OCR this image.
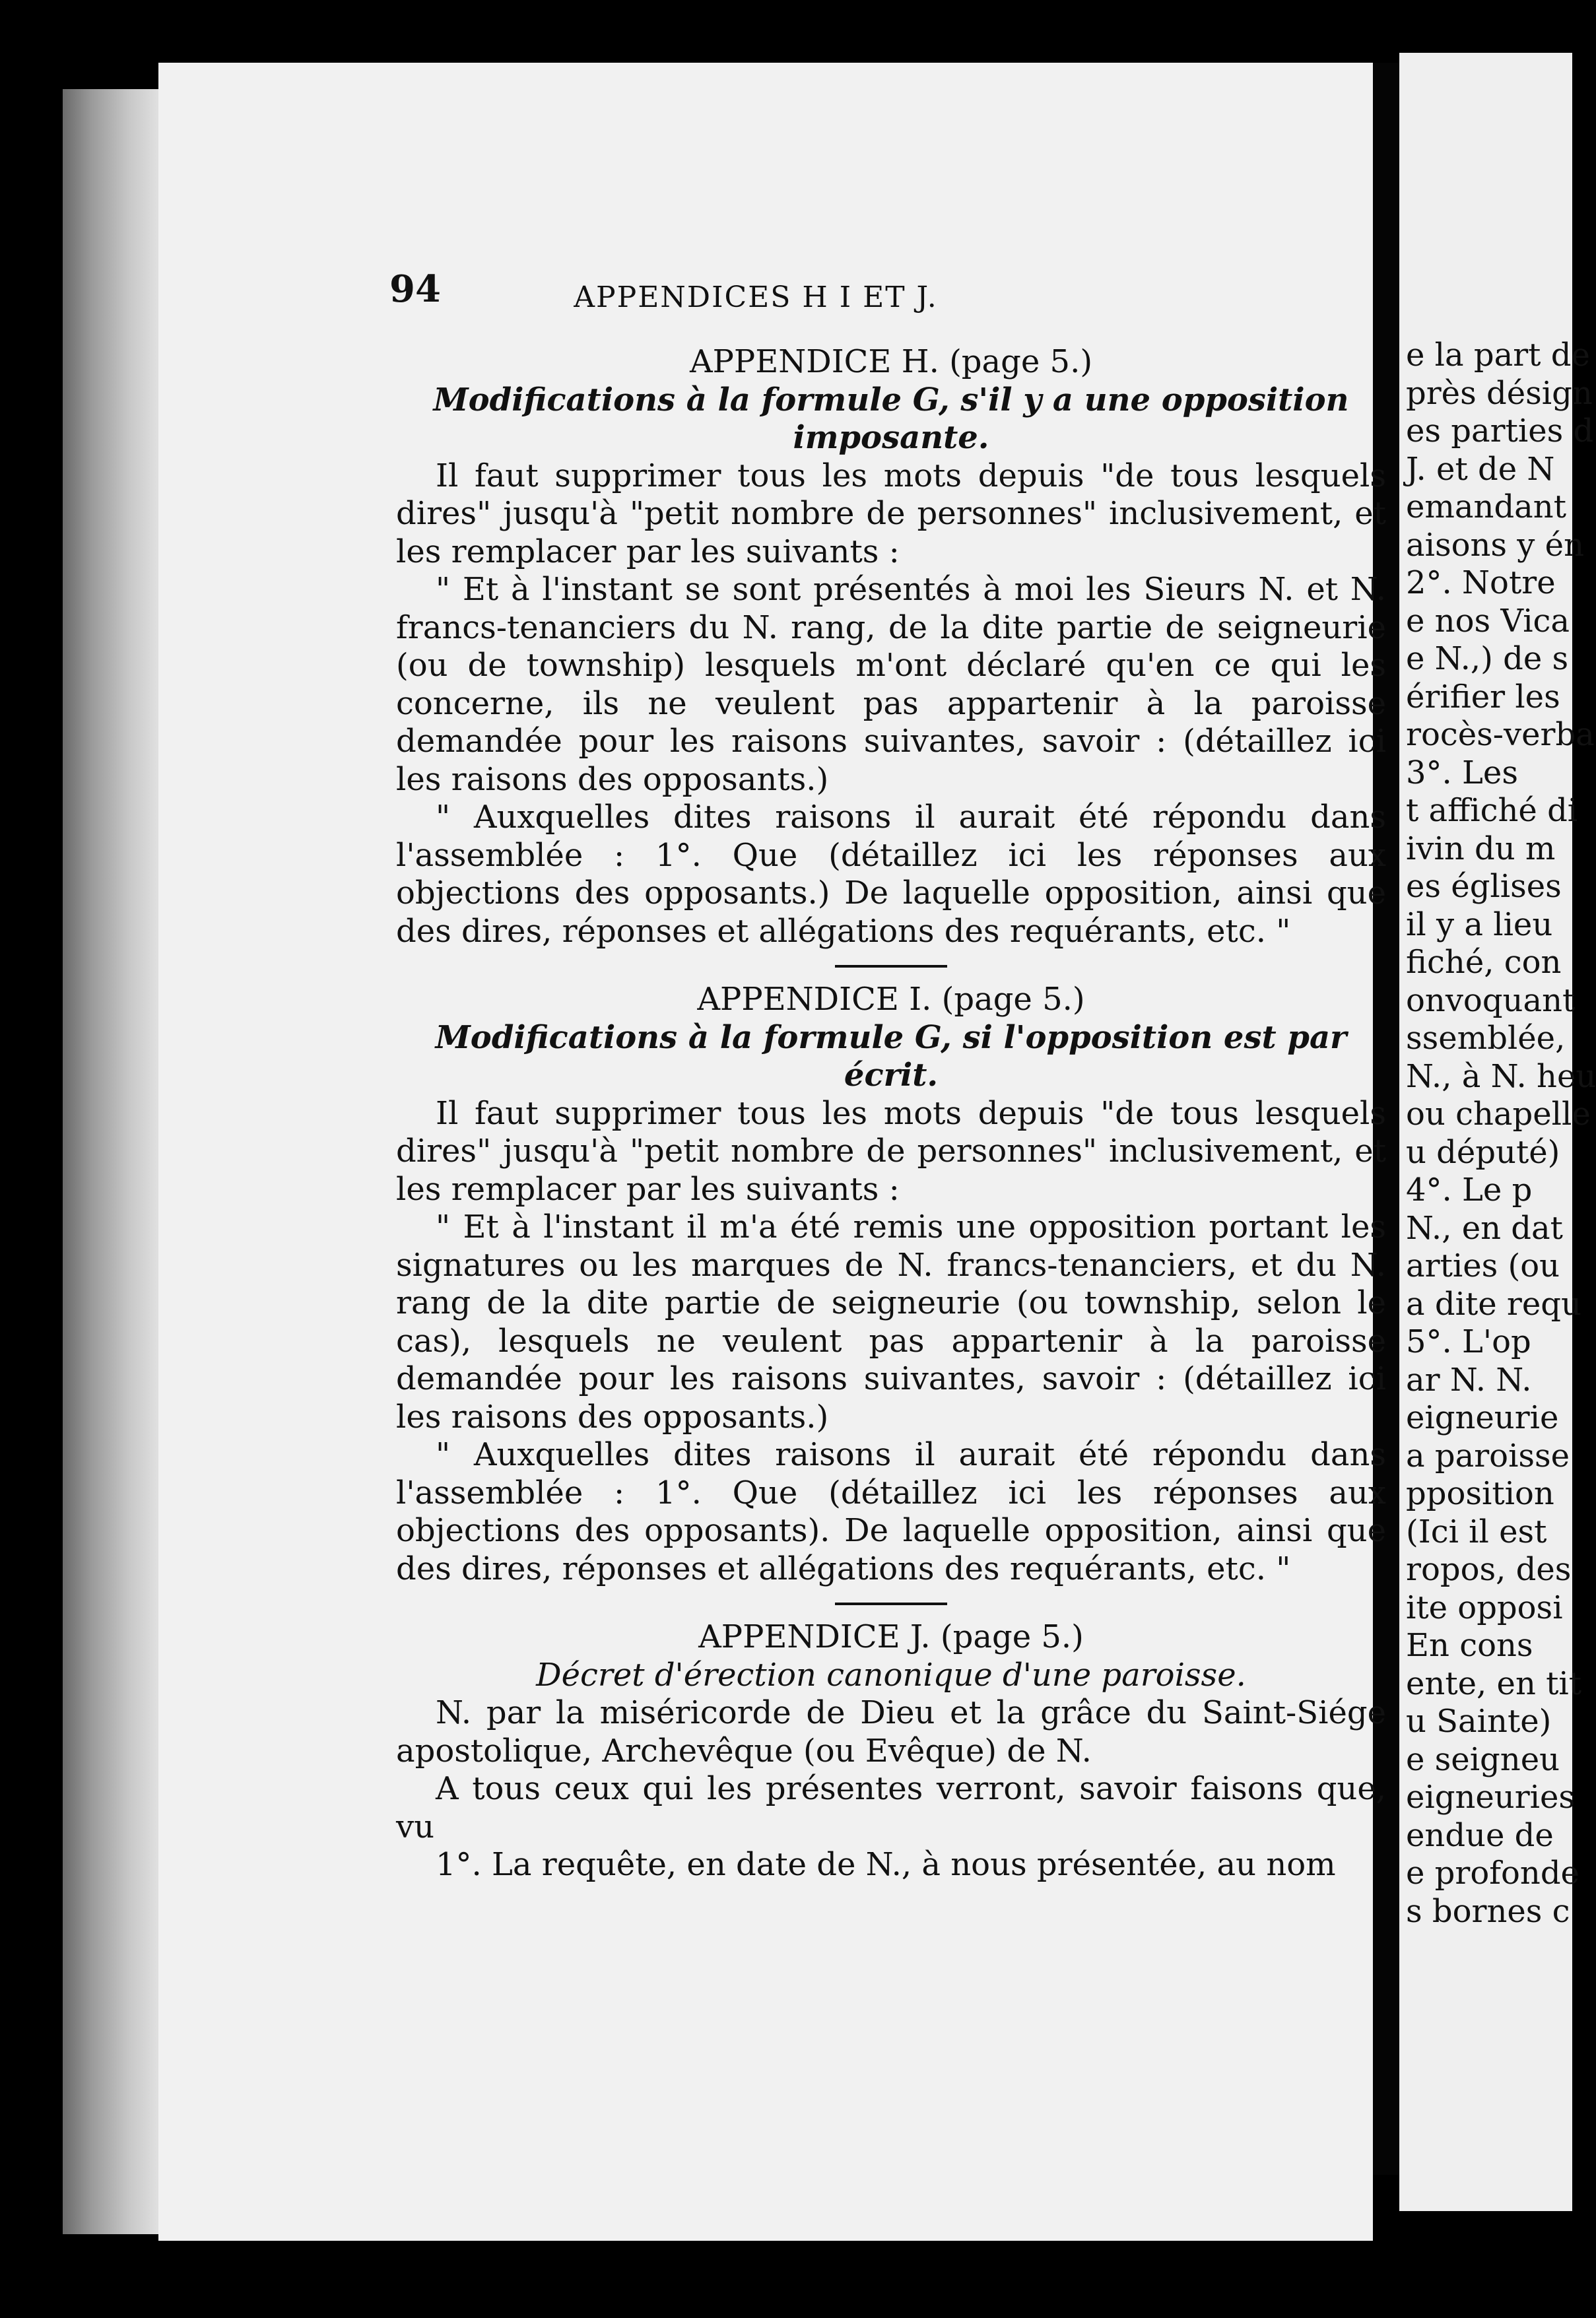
e la part de
près désign
es parties d
J. et de N
emandant
aisons y én
2°. Notre
e nos Vica
e N.,) de s
érifier les
rocès-verba
3°. Les
t affiché di
ivin du m
es églises
il y a lieu
fiché, con
onvoquant
ssemblée,
N., à N. heu
ou chapelle
u député)
4°. Le p
N., en dat
arties (ou
a dite requ
5°. L'op
ar N. N.
eigneurie
a paroisse
pposition
(Ici il est
ropos, des
ite opposi
En cons
ente, en tit
u Sainte)
e seigneu
eigneuries
endue de
e profonde
s bornes c
94	APPENDICES H I ET J.

APPENDICE H. (page 5.)

Modifications à la formule G, s'il y a une opposition imposante.

Il faut supprimer tous les mots depuis "de tous lesquels dires" jusqu'à "petit nombre de personnes" inclusivement, et les remplacer par les suivants :

" Et à l'instant se sont présentés à moi les Sieurs N. et N. francs-tenanciers du N. rang, de la dite partie de seigneurie (ou de township) lesquels m'ont déclaré qu'en ce qui les concerne, ils ne veulent pas appartenir à la paroisse demandée pour les raisons suivantes, savoir : (détaillez ici les raisons des opposants.)

" Auxquelles dites raisons il aurait été répondu dans l'assemblée : 1°. Que (détaillez ici les réponses aux objections des opposants.) De laquelle opposition, ainsi que des dires, réponses et allégations des requérants, etc. "

APPENDICE I. (page 5.)

Modifications à la formule G, si l'opposition est par écrit.

Il faut supprimer tous les mots depuis "de tous lesquels dires" jusqu'à "petit nombre de personnes" inclusivement, et les remplacer par les suivants :

" Et à l'instant il m'a été remis une opposition portant les signatures ou les marques de N. francs-tenanciers, et du N. rang de la dite partie de seigneurie (ou township, selon le cas), lesquels ne veulent pas appartenir à la paroisse demandée pour les raisons suivantes, savoir : (détaillez ici les raisons des opposants.)

" Auxquelles dites raisons il aurait été répondu dans l'assemblée : 1°. Que (détaillez ici les réponses aux objections des opposants). De laquelle opposition, ainsi que des dires, réponses et allégations des requérants, etc. "

APPENDICE J. (page 5.)

Décret d'érection canonique d'une paroisse.

N. par la miséricorde de Dieu et la grâce du Saint-Siége apostolique, Archevêque (ou Evêque) de N.

A tous ceux qui les présentes verront, savoir faisons que, vu

1°. La requête, en date de N., à nous présentée, au nom
